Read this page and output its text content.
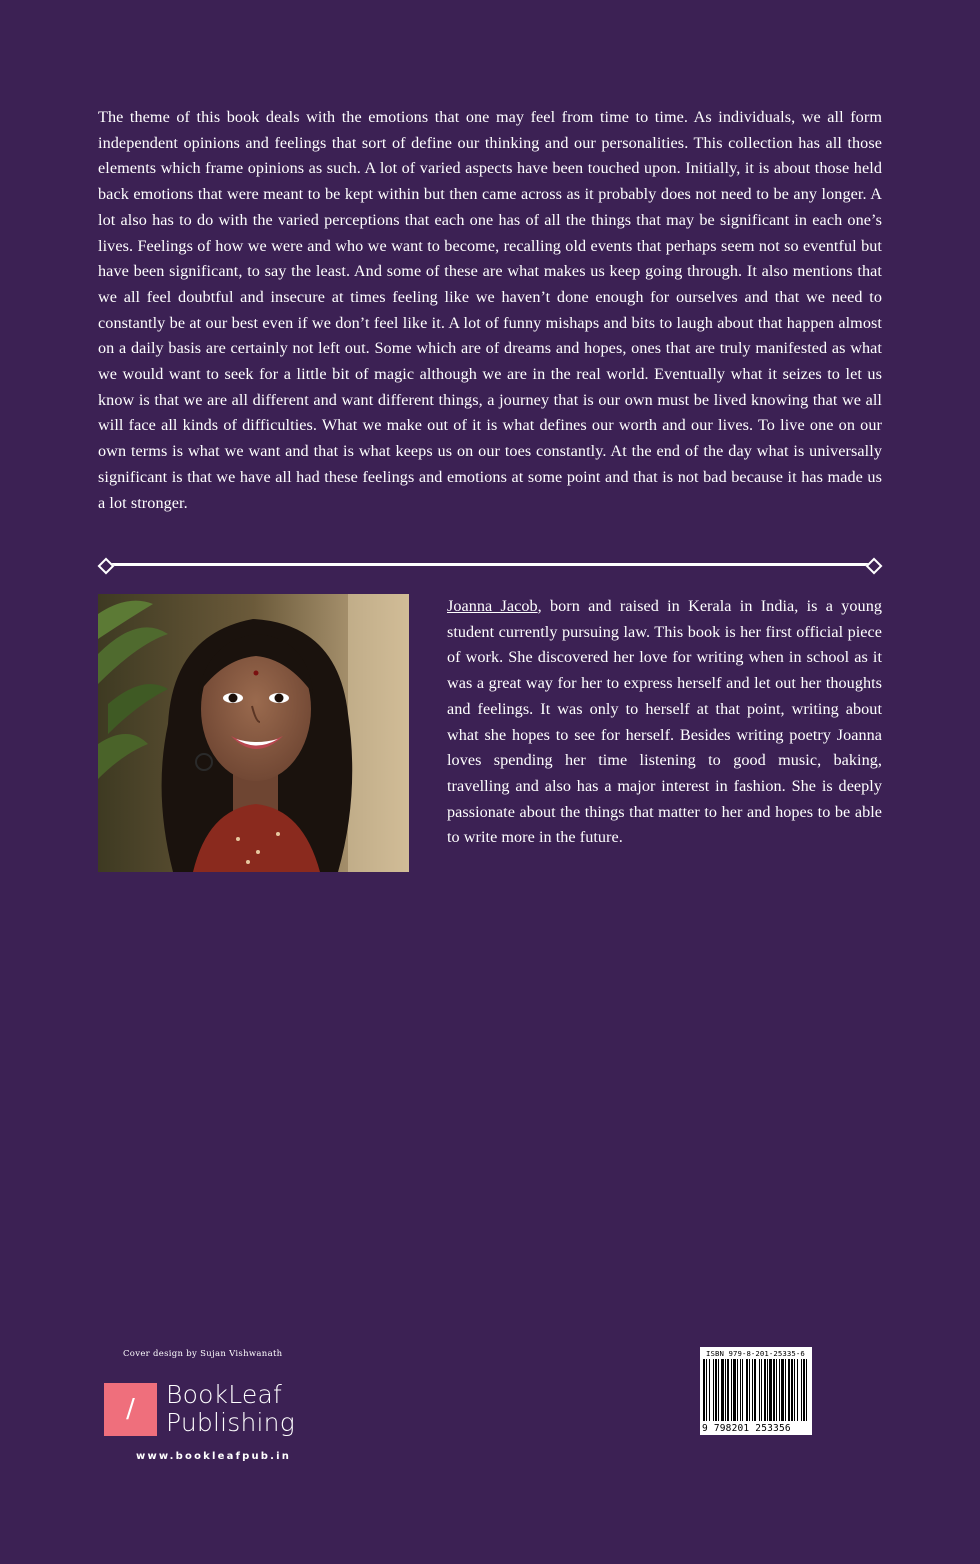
The theme of this book deals with the emotions that one may feel from time to time. As individuals, we all form independent opinions and feelings that sort of define our thinking and our personalities. This collection has all those elements which frame opinions as such. A lot of varied aspects have been touched upon. Initially, it is about those held back emotions that were meant to be kept within but then came across as it probably does not need to be any longer. A lot also has to do with the varied perceptions that each one has of all the things that may be significant in each one’s lives. Feelings of how we were and who we want to become, recalling old events that perhaps seem not so eventful but have been significant, to say the least. And some of these are what makes us keep going through. It also mentions that we all feel doubtful and insecure at times feeling like we haven’t done enough for ourselves and that we need to constantly be at our best even if we don’t feel like it. A lot of funny mishaps and bits to laugh about that happen almost on a daily basis are certainly not left out. Some which are of dreams and hopes, ones that are truly manifested as what we would want to seek for a little bit of magic although we are in the real world. Eventually what it seizes to let us know is that we are all different and want different things, a journey that is our own must be lived knowing that we all will face all kinds of difficulties. What we make out of it is what defines our worth and our lives. To live one on our own terms is what we want and that is what keeps us on our toes constantly. At the end of the day what is universally significant is that we have all had these feelings and emotions at some point and that is not bad because it has made us a lot stronger.

Joanna Jacob, born and raised in Kerala in India, is a young student currently pursuing law. This book is her first official piece of work. She discovered her love for writing when in school as it was a great way for her to express herself and let out her thoughts and feelings. It was only to herself at that point, writing about what she hopes to see for herself. Besides writing poetry Joanna loves spending her time listening to good music, baking, travelling and also has a major interest in fashion. She is deeply passionate about the things that matter to her and hopes to be able to write more in the future.

Cover design by Sujan Vishwanath
/	BookLeaf
Publishing
www.bookleafpub.in
ISBN 979-8-201-25335-6
9 798201 253356
